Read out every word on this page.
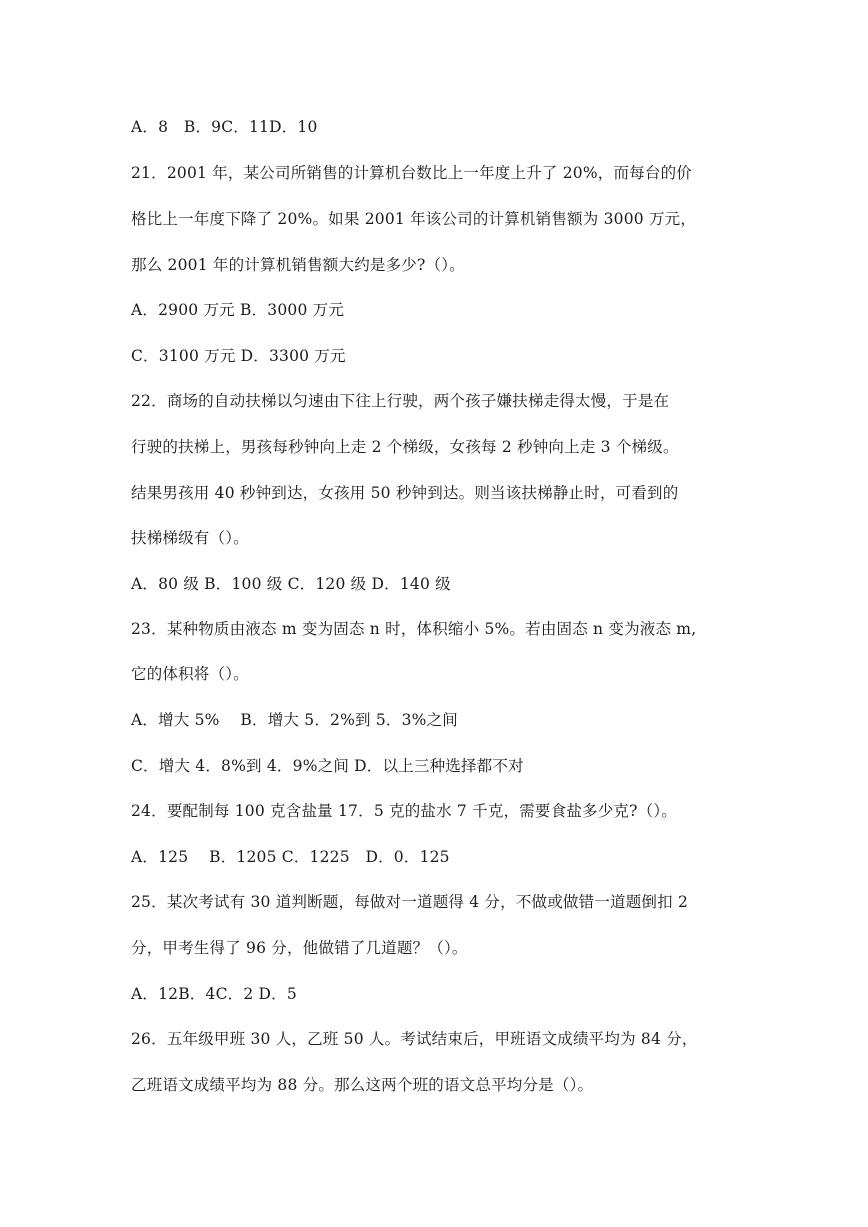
A．8　B．9C．11D．10
21．2001 年，某公司所销售的计算机台数比上一年度上升了 20%，而每台的价
格比上一年度下降了 20%。如果 2001 年该公司的计算机销售额为 3000 万元，
那么 2001 年的计算机销售额大约是多少?（）。
A．2900 万元 B．3000 万元
C．3100 万元 D．3300 万元
22．商场的自动扶梯以匀速由下往上行驶，两个孩子嫌扶梯走得太慢，于是在
行驶的扶梯上，男孩每秒钟向上走 2 个梯级，女孩每 2 秒钟向上走 3 个梯级。
结果男孩用 40 秒钟到达，女孩用 50 秒钟到达。则当该扶梯静止时，可看到的
扶梯梯级有（）。
A．80 级 B．100 级 C．120 级 D．140 级
23．某种物质由液态 m 变为固态 n 时，体积缩小 5%。若由固态 n 变为液态 m,
它的体积将（）。
A．增大 5%　 B．增大 5．2%到 5．3%之间
C．增大 4．8%到 4．9%之间 D．以上三种选择都不对
24．要配制每 100 克含盐量 17．5 克的盐水 7 千克，需要食盐多少克?（）。
A．125　 B．1205 C．1225　D．0．125
25．某次考试有 30 道判断题，每做对一道题得 4 分，不做或做错一道题倒扣 2
分，甲考生得了 96 分，他做错了几道题？（）。
A．12B．4C．2 D．5
26．五年级甲班 30 人，乙班 50 人。考试结束后，甲班语文成绩平均为 84 分，
乙班语文成绩平均为 88 分。那么这两个班的语文总平均分是（）。
